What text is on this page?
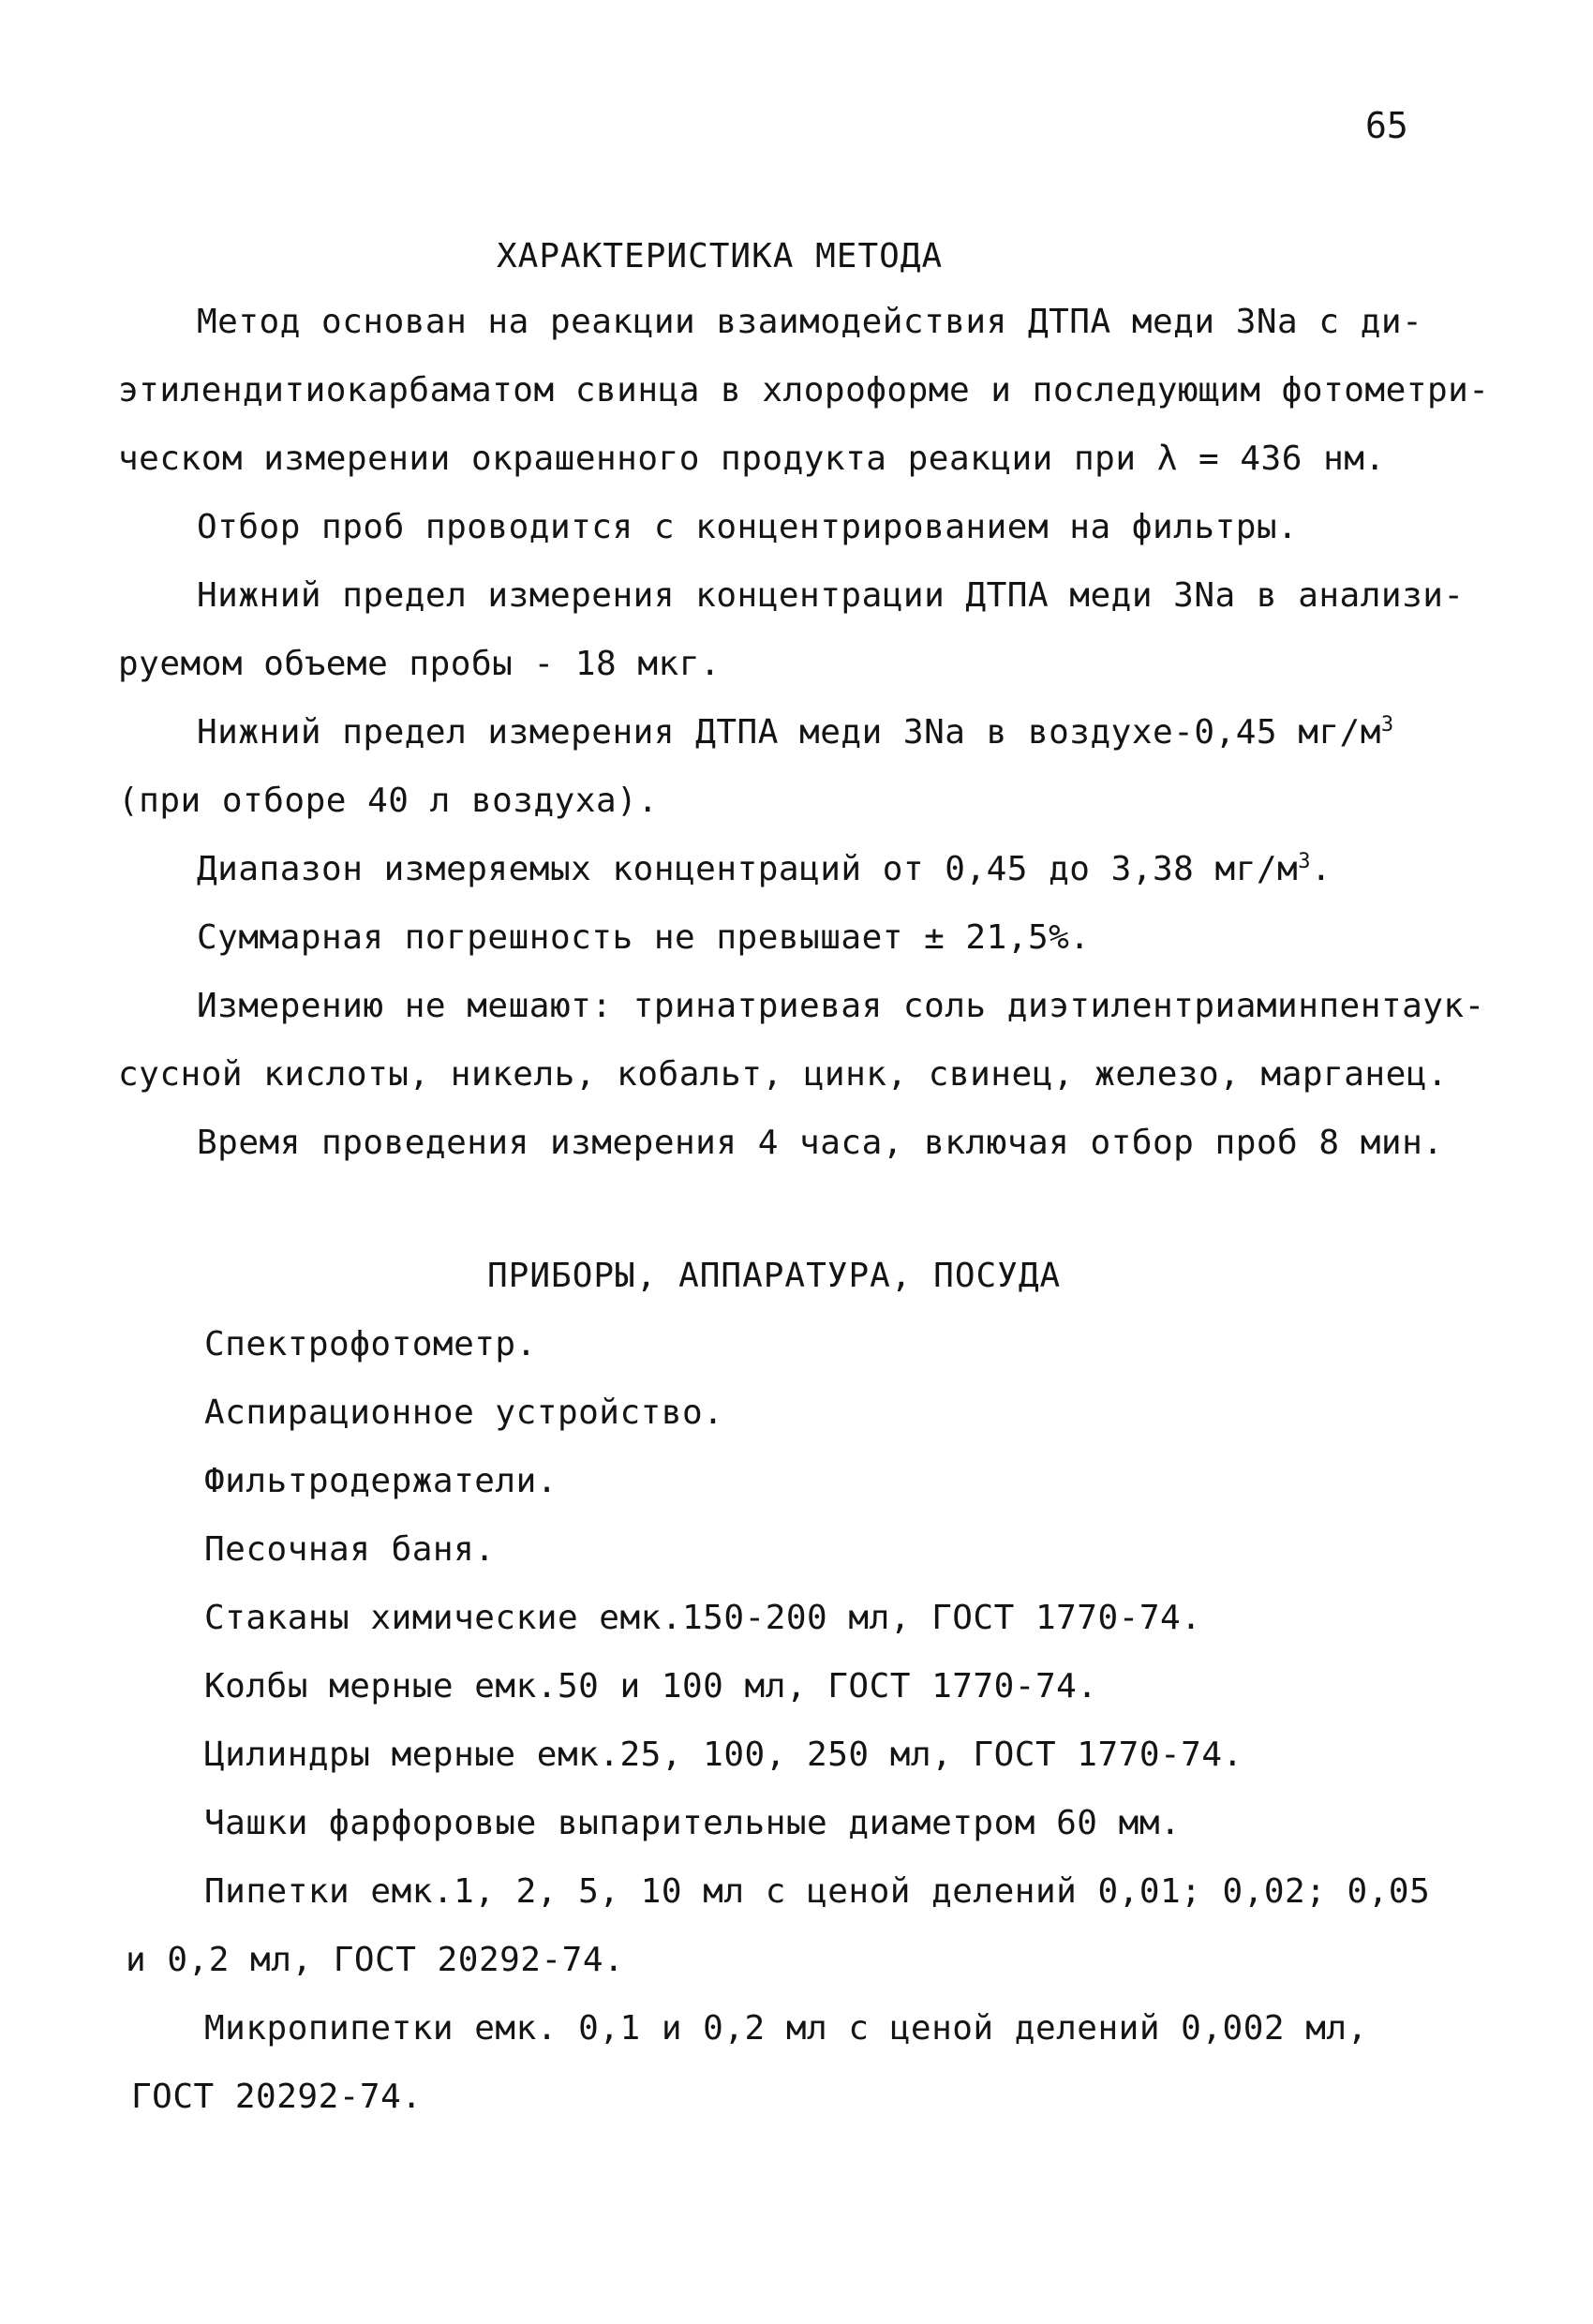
65
ХАРАКТЕРИСТИКА МЕТОДА
Метод основан на реакции взаимодействия ДТПА меди 3Na с ди-
этилендитиокарбаматом свинца в хлороформе и последующим фотометри-
ческом измерении окрашенного продукта реакции при λ = 436 нм.
Отбор проб проводится с концентрированием на фильтры.
Нижний предел измерения концентрации ДТПА меди 3Na в анализи-
руемом объеме пробы - 18 мкг.
Нижний предел измерения ДТПА меди 3Na в воздухе-0,45 $мг/м^3$
(при отборе 40 л воздуха).
Диапазон измеряемых концентраций от 0,45 до 3,38 $мг/м^3$.
Суммарная погрешность не превышает ± 21,5%.
Измерению не мешают: тринатриевая соль диэтилентриаминпентаук-
сусной кислоты, никель, кобальт, цинк, свинец, железо, марганец.
Время проведения измерения 4 часа, включая отбор проб 8 мин.
ПРИБОРЫ, АППАРАТУРА, ПОСУДА
Спектрофотометр.
Аспирационное устройство.
Фильтродержатели.
Песочная баня.
Стаканы химические емк.150-200 мл, ГОСТ 1770-74.
Колбы мерные емк.50 и 100 мл, ГОСТ 1770-74.
Цилиндры мерные емк.25, 100, 250 мл, ГОСТ 1770-74.
Чашки фарфоровые выпарительные диаметром 60 мм.
Пипетки емк.1, 2, 5, 10 мл с ценой делений 0,01; 0,02; 0,05
и 0,2 мл, ГОСТ 20292-74.
Микропипетки емк. 0,1 и 0,2 мл с ценой делений 0,002 мл,
ГОСТ 20292-74.
